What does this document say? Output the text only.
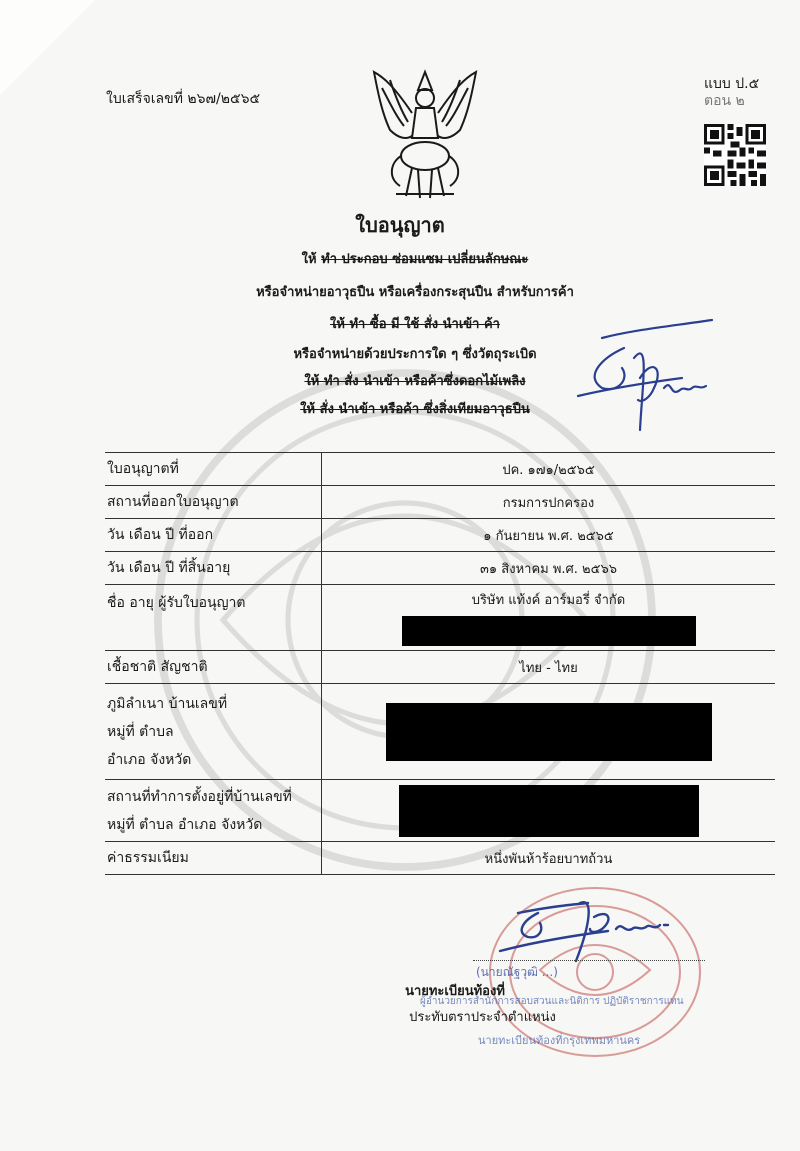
ใบเสร็จเลขที่ ๒๖๗/๒๕๖๕
แบบ ป.๕
ตอน ๒
ใบอนุญาต
ให้ ทำ ประกอบ ซ่อมแซม เปลี่ยนลักษณะ
หรือจำหน่ายอาวุธปืน หรือเครื่องกระสุนปืน สำหรับการค้า
ให้ ทำ ซื้อ มี ใช้ สั่ง นำเข้า ค้า
หรือจำหน่ายด้วยประการใด ๆ ซึ่งวัตถุระเบิด
ให้ ทำ สั่ง นำเข้า หรือค้าซึ่งดอกไม้เพลิง
ให้ สั่ง นำเข้า หรือค้า ซึ่งสิ่งเทียมอาวุธปืน
ใบอนุญาตที่	ปค. ๑๗๑/๒๕๖๕
สถานที่ออกใบอนุญาต	กรมการปกครอง
วัน เดือน ปี ที่ออก	๑ กันยายน พ.ศ. ๒๕๖๕
วัน เดือน ปี ที่สิ้นอายุ	๓๑ สิงหาคม พ.ศ. ๒๕๖๖
ชื่อ อายุ ผู้รับใบอนุญาต	บริษัท แท้งค์ อาร์มอรี่ จำกัด

เชื้อชาติ สัญชาติ	ไทย - ไทย

ภูมิลำเนา บ้านเลขที่
หมู่ที่ ตำบล
อำเภอ จังหวัด	

สถานที่ทำการตั้งอยู่ที่บ้านเลขที่
หมู่ที่ ตำบล อำเภอ จังหวัด	

ค่าธรรมเนียม	หนึ่งพันห้าร้อยบาทถ้วน
(นายณัฐวุฒิ ...)
นายทะเบียนท้องที่
ผู้อำนวยการสำนักการสอบสวนและนิติการ ปฏิบัติราชการแทน
ประทับตราประจำตำแหน่ง
นายทะเบียนท้องที่กรุงเทพมหานคร
